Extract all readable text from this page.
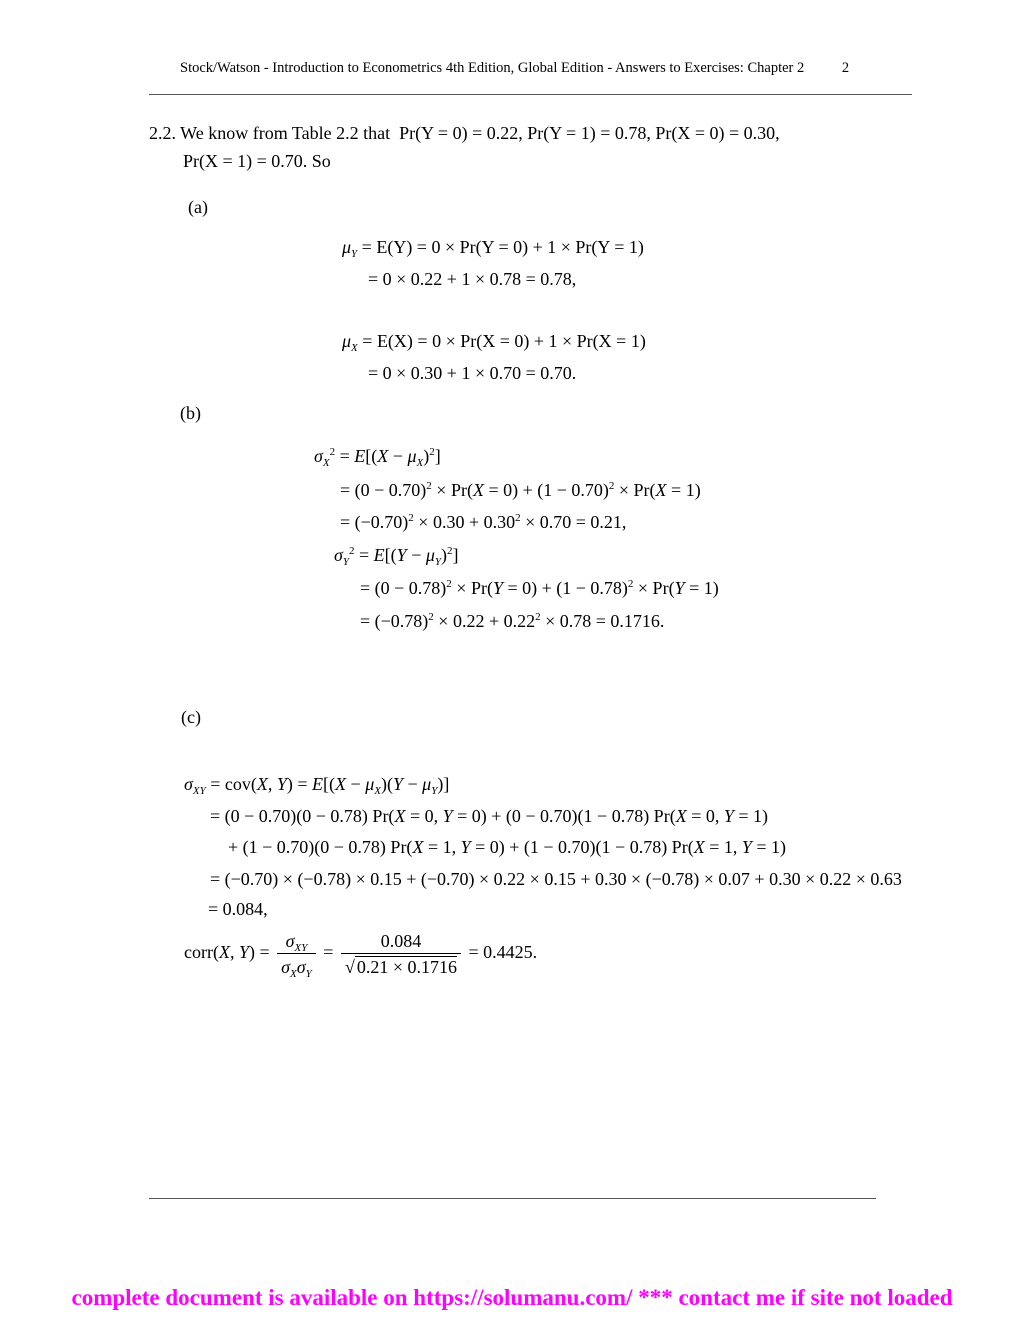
Stock/Watson - Introduction to Econometrics 4th Edition, Global Edition - Answers to Exercises: Chapter 2	2
2.2. We know from Table 2.2 that Pr(Y = 0) = 0.22, Pr(Y = 1) = 0.78, Pr(X = 0) = 0.30,
Pr(X = 1) = 0.70. So
(a)
$\mu_Y = E(Y) = 0 \times Pr(Y = 0) + 1 \times Pr(Y = 1)$
= 0 × 0.22 + 1 × 0.78 = 0.78,
$\mu_X = E(X) = 0 \times Pr(X = 0) + 1 \times Pr(X = 1)$
= 0 × 0.30 + 1 × 0.70 = 0.70.
(b)
$\sigma_X^2 = E[(X - \mu_X)^2]$
= $(0 - 0.70)^2 \times Pr(X = 0) + (1 - 0.70)^2 \times Pr(X = 1)$
= $(-0.70)^2 \times 0.30 + 0.30^2 \times 0.70 = 0.21$,
$\sigma_Y^2 = E[(Y - \mu_Y)^2]$
= $(0 - 0.78)^2 \times Pr(Y = 0) + (1 - 0.78)^2 \times Pr(Y = 1)$
= $(-0.78)^2 \times 0.22 + 0.22^2 \times 0.78 = 0.1716$.
(c)
$\sigma_{XY} = cov(X$, $Y) = E[(X - \mu_X)(Y - \mu_Y)]$
= (0 − 0.70)(0 − 0.78) Pr(X = 0, Y = 0) + (0 − 0.70)(1 − 0.78) Pr(X = 0, Y = 1)
+ (1 − 0.70)(0 − 0.78) Pr(X = 1, Y = 0) + (1 − 0.70)(1 − 0.78) Pr(X = 1, Y = 1)
= (−0.70) × (−0.78) × 0.15 + (−0.70) × 0.22 × 0.15 + 0.30 × (−0.78) × 0.07 + 0.30 × 0.22 × 0.63
= 0.084,
corr(X, $Y) = \frac{\sigma_{XY}}{\sigma_X\sigma_Y} = \frac{0.084}{√ 0.21 \times 0.1716} = 0.4425$.
complete document is available on https://solumanu.com/ *** contact me if site not loaded
